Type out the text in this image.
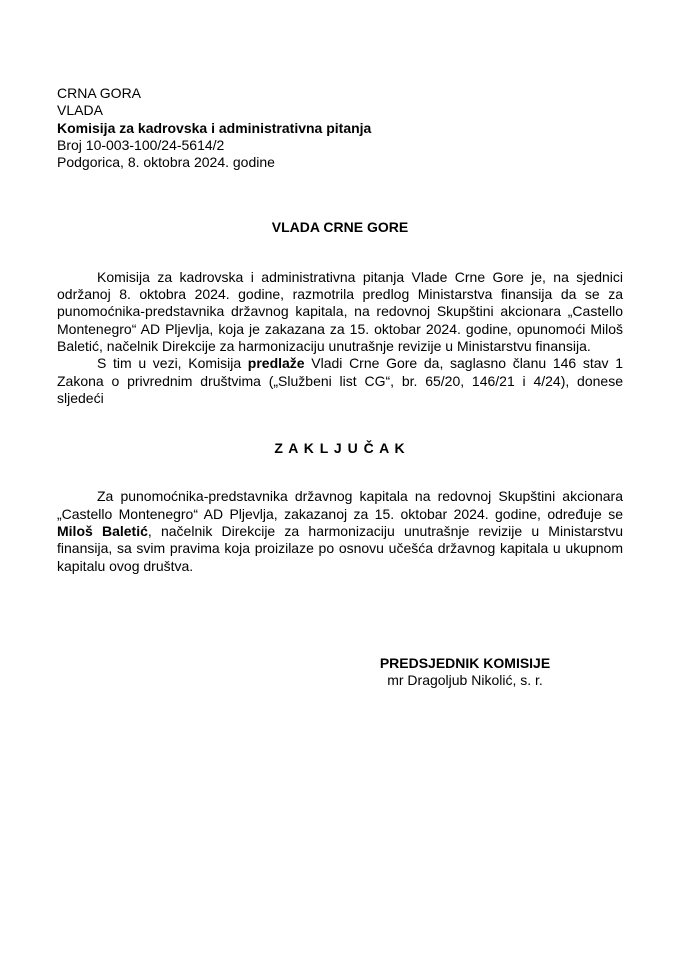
CRNA GORA
VLADA
Komisija za kadrovska i administrativna pitanja
Broj 10-003-100/24-5614/2
Podgorica, 8. oktobra 2024. godine
VLADA CRNE GORE

Komisija za kadrovska i administrativna pitanja Vlade Crne Gore je, na sjednici održanoj 8. oktobra 2024. godine, razmotrila predlog Ministarstva finansija da se za punomoćnika-predstavnika državnog kapitala, na redovnoj Skupštini akcionara „Castello Montenegro“ AD Pljevlja, koja je zakazana za 15. oktobar 2024. godine, opunomoći Miloš Baletić, načelnik Direkcije za harmonizaciju unutrašnje revizije u Ministarstvu finansija.

S tim u vezi, Komisija predlaže Vladi Crne Gore da, saglasno članu 146 stav 1 Zakona o privrednim društvima („Službeni list CG“, br. 65/20, 146/21 i 4/24), donese sljedeći

Z A K L J U Č A K

Za punomoćnika-predstavnika državnog kapitala na redovnoj Skupštini akcionara „Castello Montenegro“ AD Pljevlja, zakazanoj za 15. oktobar 2024. godine, određuje se Miloš Baletić, načelnik Direkcije za harmonizaciju unutrašnje revizije u Ministarstvu finansija, sa svim pravima koja proizilaze po osnovu učešća državnog kapitala u ukupnom kapitalu ovog društva.

PREDSJEDNIK KOMISIJE
mr Dragoljub Nikolić, s. r.
